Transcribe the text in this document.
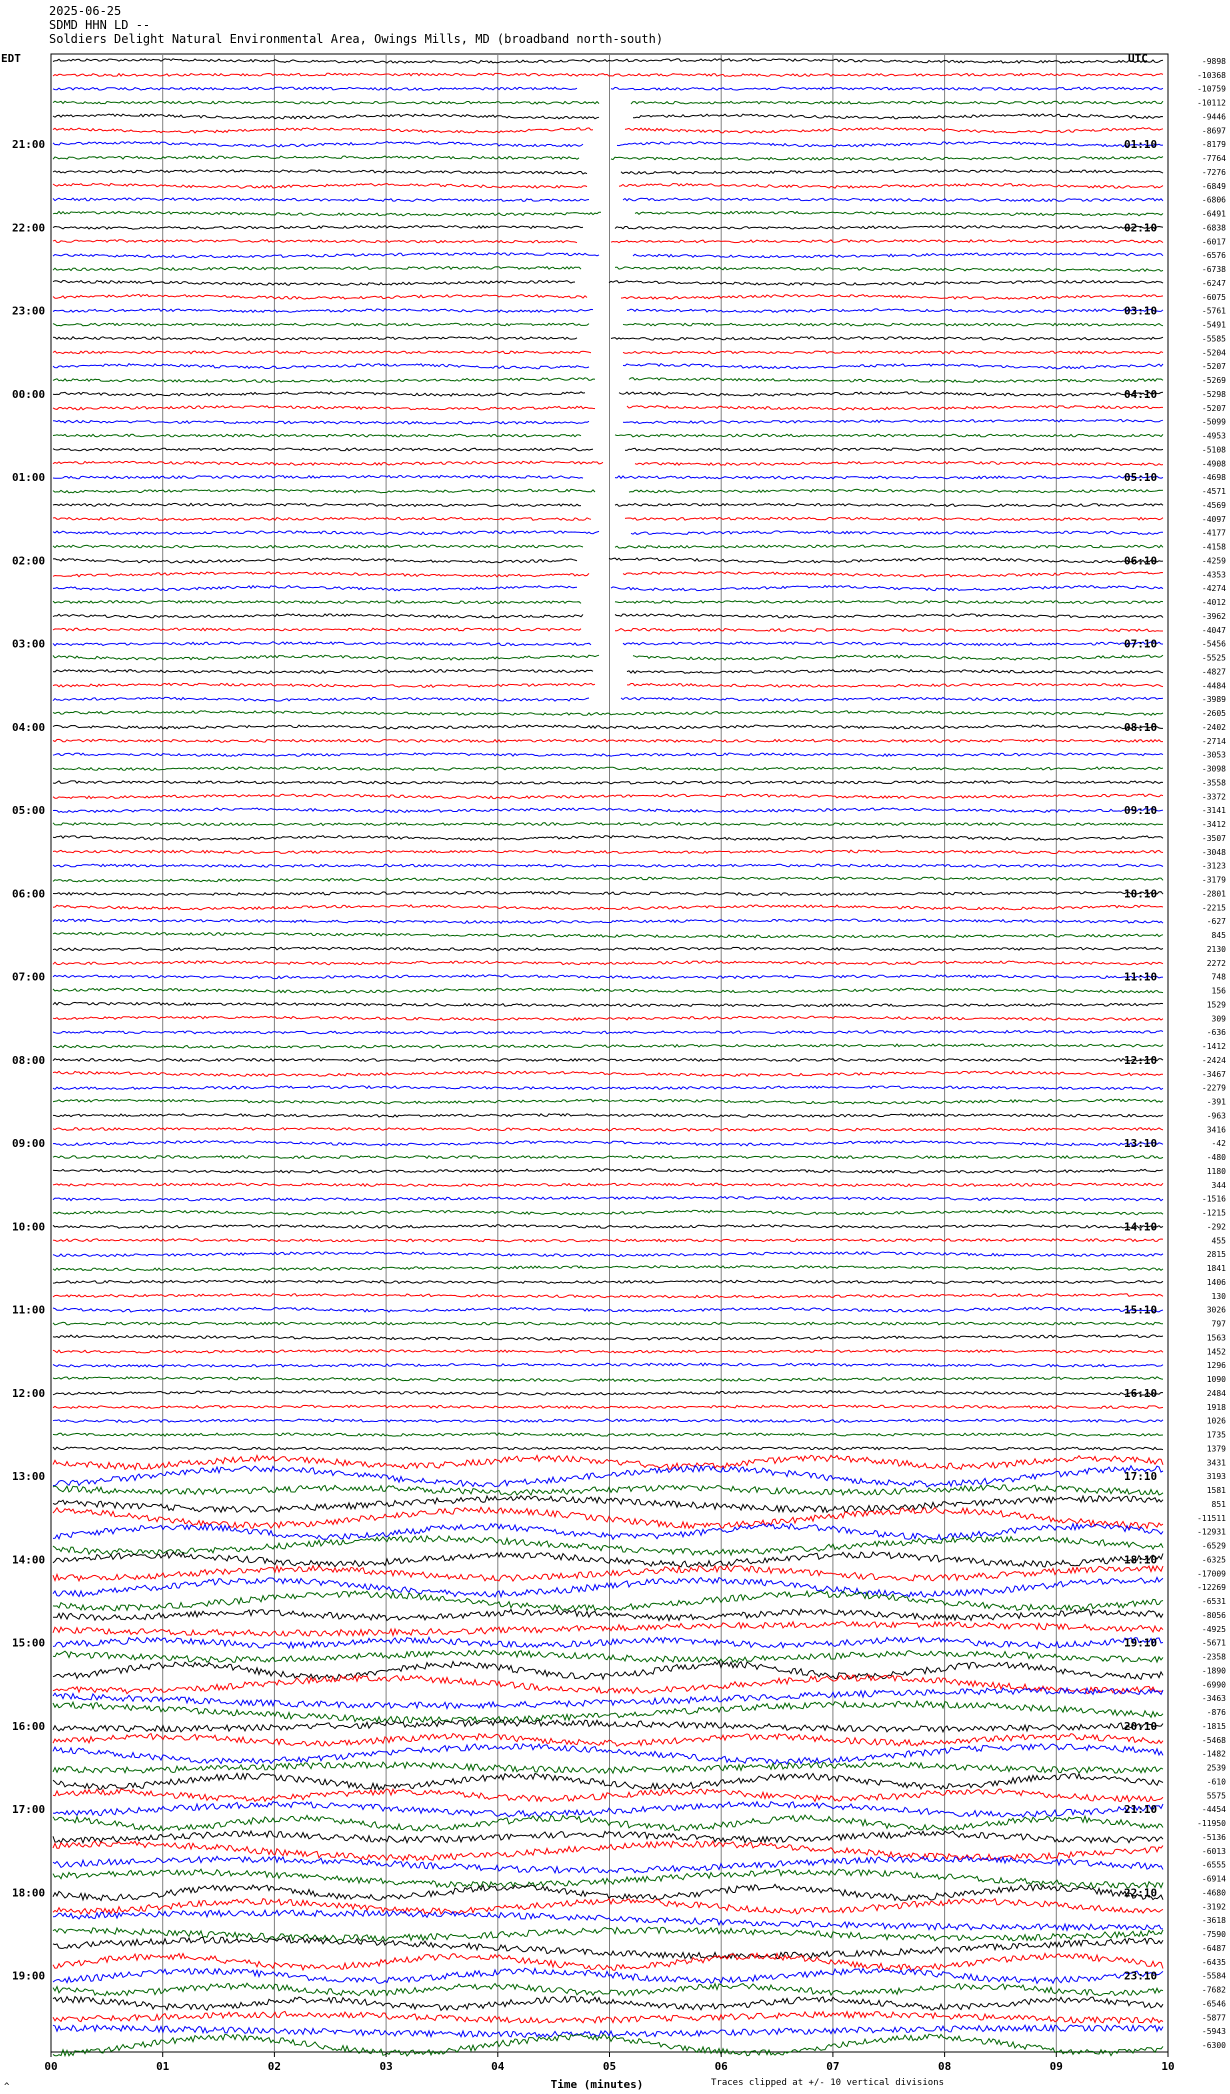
2025-06-25
SDMD HHN LD --
Soldiers Delight Natural Environmental Area, Owings Mills, MD (broadband north-south)
-9898
-10368
-10759
-10112
-9446
-8697
-8179
-7764
-7276
-6849
-6806
-6491
-6838
-6017
-6576
-6738
-6247
-6075
-5761
-5491
-5585
-5204
-5207
-5269
-5298
-5207
-5099
-4953
-5108
-4908
-4698
-4571
-4569
-4097
-4177
-4158
-4259
-4353
-4274
-4012
-3962
-4047
-5456
-5525
-4827
-4484
-3989
-2605
-2402
-2714
-3053
-3098
-3558
-3372
-3141
-3412
-3507
-3048
-3123
-3179
-2801
-2215
-627
845
2130
2272
748
156
1529
309
-636
-1412
-2424
-3467
-2279
-391
-963
3416
-42
-480
1180
344
-1516
-1215
-292
455
2815
1841
1406
130
3026
797
1563
1452
1296
1090
2484
1918
1026
1735
1379
3431
3193
1581
851
-11511
-12931
-6529
-6325
-17009
-12269
-6531
-8056
-4925
-5671
-2358
-1890
-6990
-3463
-876
-1815
-5468
-1482
2539
-610
5575
-4454
-11950
-5136
-6013
-6555
-6914
-4680
-3192
-3618
-7590
-6487
-6435
-5584
-7682
-6546
-5877
-5943
-6300
EDT	UTC
21:00
22:00
23:00
00:00
01:00
02:00
03:00
04:00
05:00
06:00
07:00
08:00
09:00
10:00
11:00
12:00
13:00
14:00
15:00
16:00
17:00
18:00
19:00
01:10
02:10
03:10
04:10
05:10
06:10
07:10
08:10
09:10
10:10
11:10
12:10
13:10
14:10
15:10
16:10
17:10
18:10
19:10
20:10
21:10
22:10
23:10
00	01	02	03	04	05	06	07	08	09	10
Time (minutes)	Traces clipped at +/- 10 vertical divisions
^
